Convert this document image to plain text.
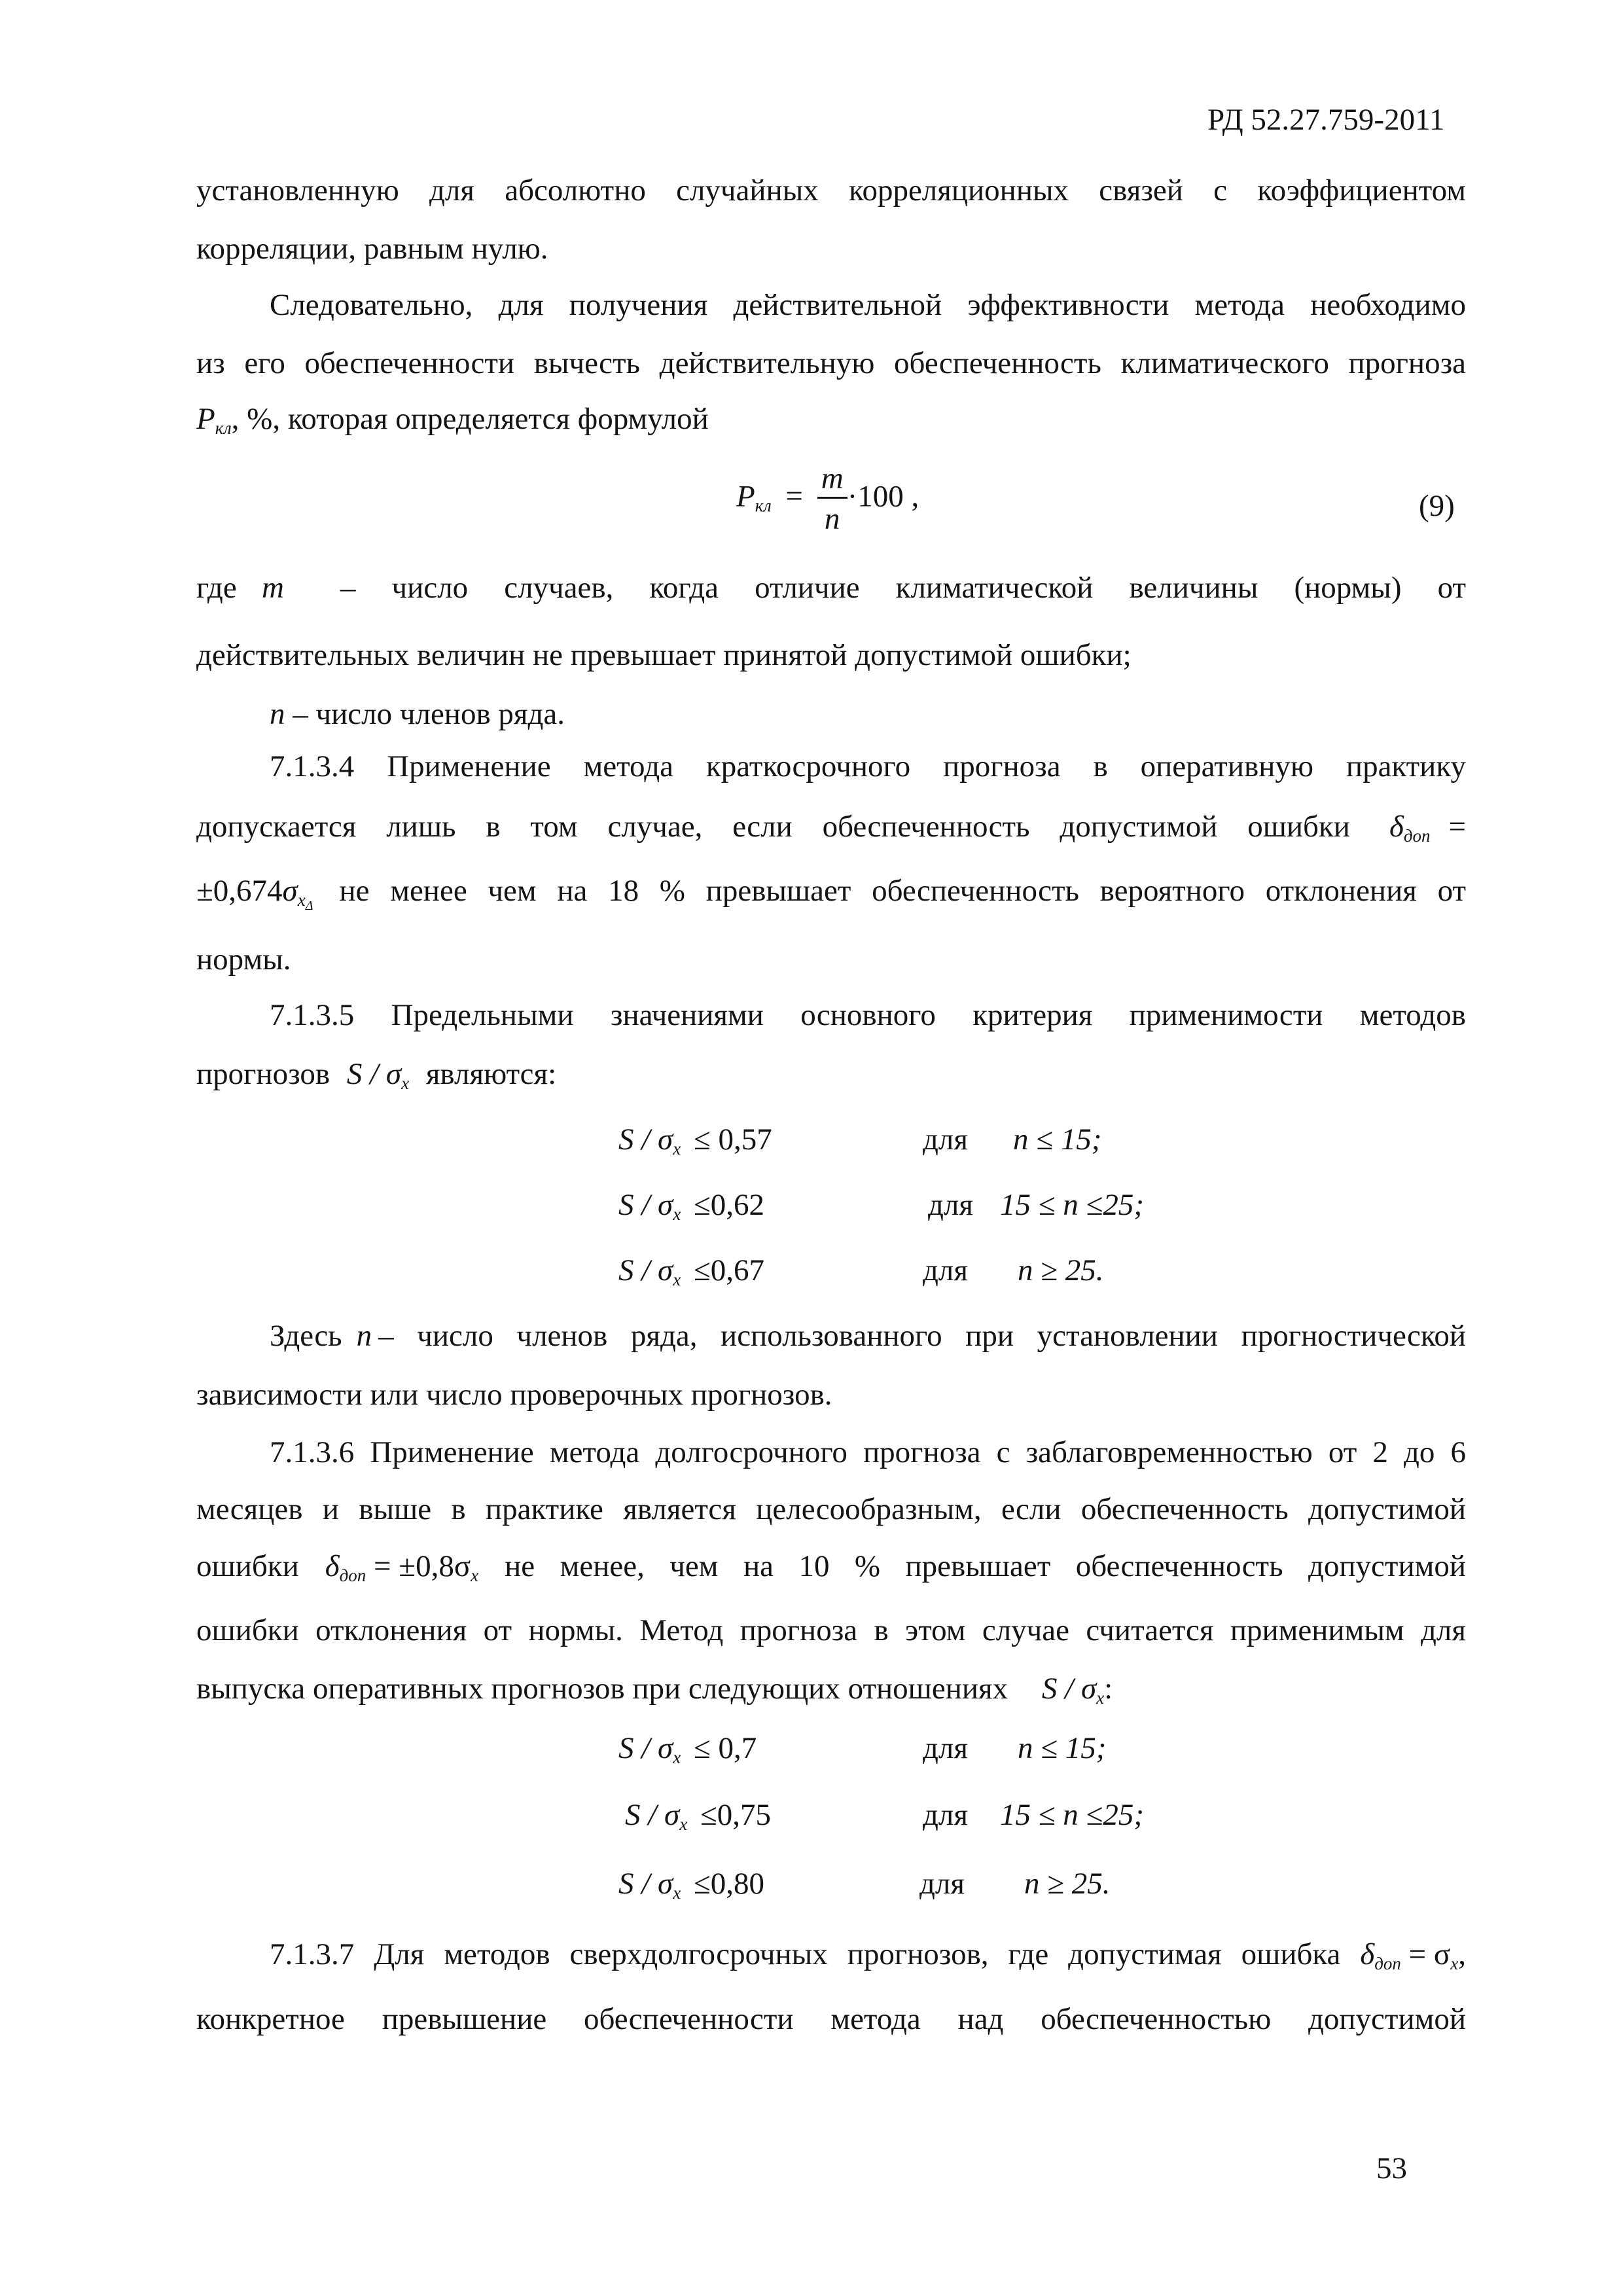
РД 52.27.759-2011
установленную для абсолютно случайных корреляционных связей с коэффициентом
корреляции, равным нулю.
Следовательно, для получения действительной эффективности метода необходимо
из его обеспеченности вычесть действительную обеспеченность климатического прогноза
$P_{кл}$, %, которая определяется формулой
$P_{кл} = \frac{m}{n} \cdot 100$ ,	(9)
где m	– число случаев, когда отличие климатической величины (нормы) от
действительных величин не превышает принятой допустимой ошибки;
n – число членов ряда.
7.1.3.4 Применение метода краткосрочного прогноза в оперативную практику
допускается лишь в том случае, если обеспеченность допустимой ошибки $\delta_{доп}$ =
$\pm 0,674\sigma_{x_\Delta}$ не менее чем на 18 % превышает обеспеченность вероятного отклонения от
нормы.
7.1.3.5 Предельными значениями основного критерия применимости методов
прогнозов S / $\sigma_x$ являются:
$S / \sigma_x \le 0,57$	для n ≤ 15;
$S / \sigma_x \le 0,62$	для 15 ≤ n ≤25;
$S / \sigma_x \le 0,67$	для n ≥ 25.
Здесь n – число членов ряда, использованного при установлении прогностической
зависимости или число проверочных прогнозов.
7.1.3.6 Применение метода долгосрочного прогноза с заблаговременностью от 2 до 6
месяцев и выше в практике является целесообразным, если обеспеченность допустимой
ошибки $\delta_{доп} = \pm 0,8\sigma_x$ не менее, чем на 10 % превышает обеспеченность допустимой
ошибки отклонения от нормы. Метод прогноза в этом случае считается применимым для
выпуска оперативных прогнозов при следующих отношениях S / $\sigma_x$:
$S / \sigma_x \le 0,7$	для n ≤ 15;
$S / \sigma_x \le 0,75$	для 15 ≤ n ≤25;
$S / \sigma_x \le 0,80$	для n ≥ 25.
7.1.3.7 Для методов сверхдолгосрочных прогнозов, где допустимая ошибка $\delta_{доп} = \sigma_x$,
конкретное превышение обеспеченности метода над обеспеченностью допустимой
53
